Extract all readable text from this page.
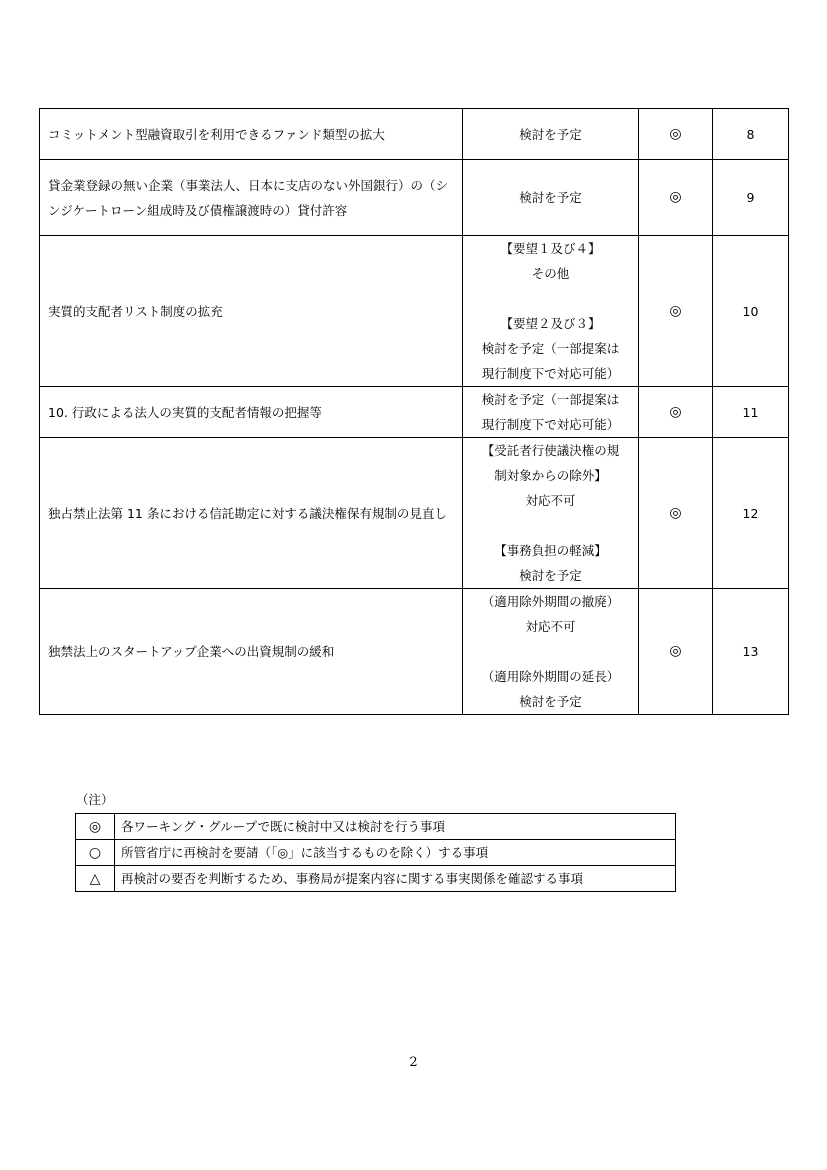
コミットメント型融資取引を利用できるファンド類型の拡大	検討を予定	◎	8
貸金業登録の無い企業（事業法人、日本に支店のない外国銀行）の（シンジケートローン組成時及び債権譲渡時の）貸付許容	検討を予定	◎	9
実質的支配者リスト制度の拡充	【要望１及び４】
その他
【要望２及び３】
検討を予定（一部提案は
現行制度下で対応可能）	◎	10
10. 行政による法人の実質的支配者情報の把握等	検討を予定（一部提案は
現行制度下で対応可能）	◎	11
独占禁止法第 11 条における信託勘定に対する議決権保有規制の見直し	【受託者行使議決権の規
制対象からの除外】
対応不可
【事務負担の軽減】
検討を予定	◎	12
独禁法上のスタートアップ企業への出資規制の緩和	（適用除外期間の撤廃）
対応不可
（適用除外期間の延長）
検討を予定	◎	13
（注）
◎	各ワーキング・グループで既に検討中又は検討を行う事項
○	所管省庁に再検討を要請（「◎」に該当するものを除く）する事項
△	再検討の要否を判断するため、事務局が提案内容に関する事実関係を確認する事項
2
